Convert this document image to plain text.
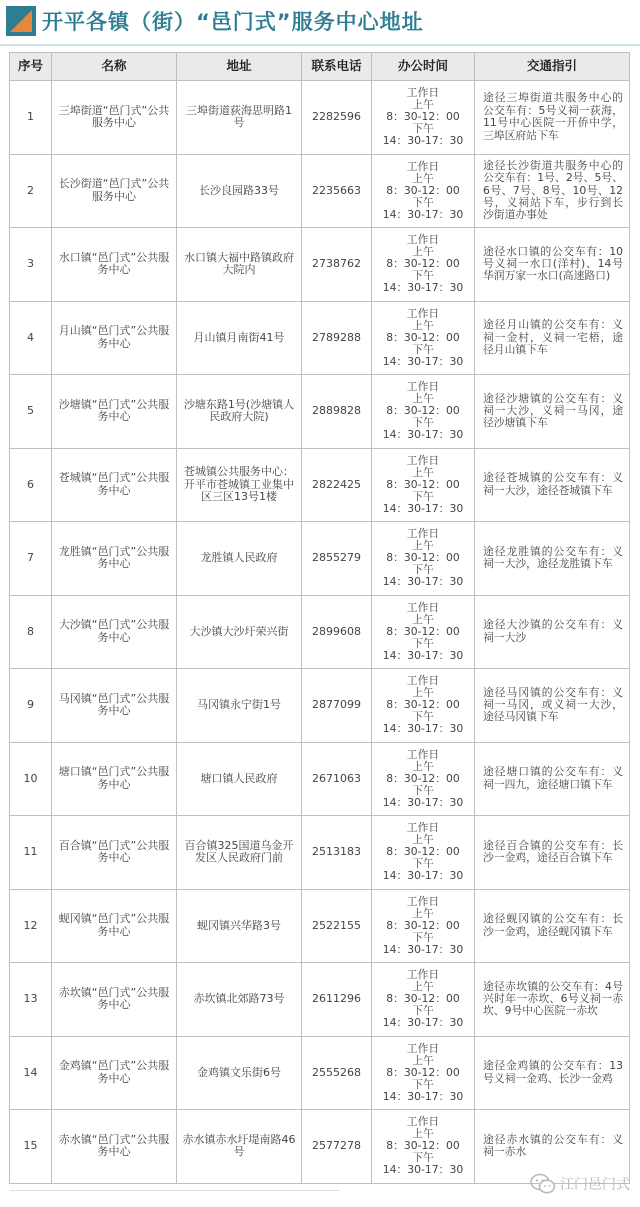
开平各镇（街）“邑门式”服务中心地址
序号	名称	地址	联系电话	办公时间	交通指引
1	三埠街道“邑门式”公共服务中心	三埠街道荻海思明路1号	2282596	工作日
上午
8：30-12：00
下午
14：30-17：30	途径三埠街道共服务中心的公交车有：5号义祠一荻海，11号中心医院一开侨中学，三埠区府站下车
2	长沙街道“邑门式”公共服务中心	长沙良园路33号	2235663	工作日
上午
8：30-12：00
下午
14：30-17：30	途径长沙街道共服务中心的公交车有：1号、2号、5号、6号、7号、8号、10号、12号，义祠站下车，步行到长沙街道办事处
3	水口镇“邑门式”公共服务中心	水口镇大福中路镇政府大院内	2738762	工作日
上午
8：30-12：00
下午
14：30-17：30	途径水口镇的公交车有：10号义祠一水口(洋村)、14号华润万家一水口(高速路口)
4	月山镇“邑门式”公共服务中心	月山镇月南街41号	2789288	工作日
上午
8：30-12：00
下午
14：30-17：30	途径月山镇的公交车有：义祠一金村，义祠一宅梧，途径月山镇下车
5	沙塘镇“邑门式”公共服务中心	沙塘东路1号(沙塘镇人民政府大院)	2889828	工作日
上午
8：30-12：00
下午
14：30-17：30	途径沙塘镇的公交车有：义祠一大沙，义祠一马冈，途径沙塘镇下车
6	苍城镇“邑门式”公共服务中心	苍城镇公共服务中心：开平市苍城镇工业集中区三区13号1楼	2822425	工作日
上午
8：30-12：00
下午
14：30-17：30	途径苍城镇的公交车有：义祠一大沙，途径苍城镇下车
7	龙胜镇“邑门式”公共服务中心	龙胜镇人民政府	2855279	工作日
上午
8：30-12：00
下午
14：30-17：30	途径龙胜镇的公交车有：义祠一大沙，途径龙胜镇下车
8	大沙镇“邑门式”公共服务中心	大沙镇大沙圩荣兴街	2899608	工作日
上午
8：30-12：00
下午
14：30-17：30	途径大沙镇的公交车有：义祠一大沙
9	马冈镇“邑门式”公共服务中心	马冈镇永宁街1号	2877099	工作日
上午
8：30-12：00
下午
14：30-17：30	途径马冈镇的公交车有：义祠一马冈，或义祠一大沙，途径马冈镇下车
10	塘口镇“邑门式”公共服务中心	塘口镇人民政府	2671063	工作日
上午
8：30-12：00
下午
14：30-17：30	途径塘口镇的公交车有：义祠一四九，途径塘口镇下车
11	百合镇“邑门式”公共服务中心	百合镇325国道乌金开发区人民政府门前	2513183	工作日
上午
8：30-12：00
下午
14：30-17：30	途径百合镇的公交车有：长沙一金鸡，途径百合镇下车
12	蚬冈镇“邑门式”公共服务中心	蚬冈镇兴华路3号	2522155	工作日
上午
8：30-12：00
下午
14：30-17：30	途径蚬冈镇的公交车有：长沙一金鸡，途径蚬冈镇下车
13	赤坎镇“邑门式”公共服务中心	赤坎镇北郊路73号	2611296	工作日
上午
8：30-12：00
下午
14：30-17：30	途径赤坎镇的公交车有：4号兴时年一赤坎、6号义祠一赤坎、9号中心医院一赤坎
14	金鸡镇“邑门式”公共服务中心	金鸡镇文乐街6号	2555268	工作日
上午
8：30-12：00
下午
14：30-17：30	途径金鸡镇的公交车有：13号义祠一金鸡、长沙一金鸡
15	赤水镇“邑门式”公共服务中心	赤水镇赤水圩堤南路46号	2577278	工作日
上午
8：30-12：00
下午
14：30-17：30	途径赤水镇的公交车有：义祠一赤水
江门邑门式
